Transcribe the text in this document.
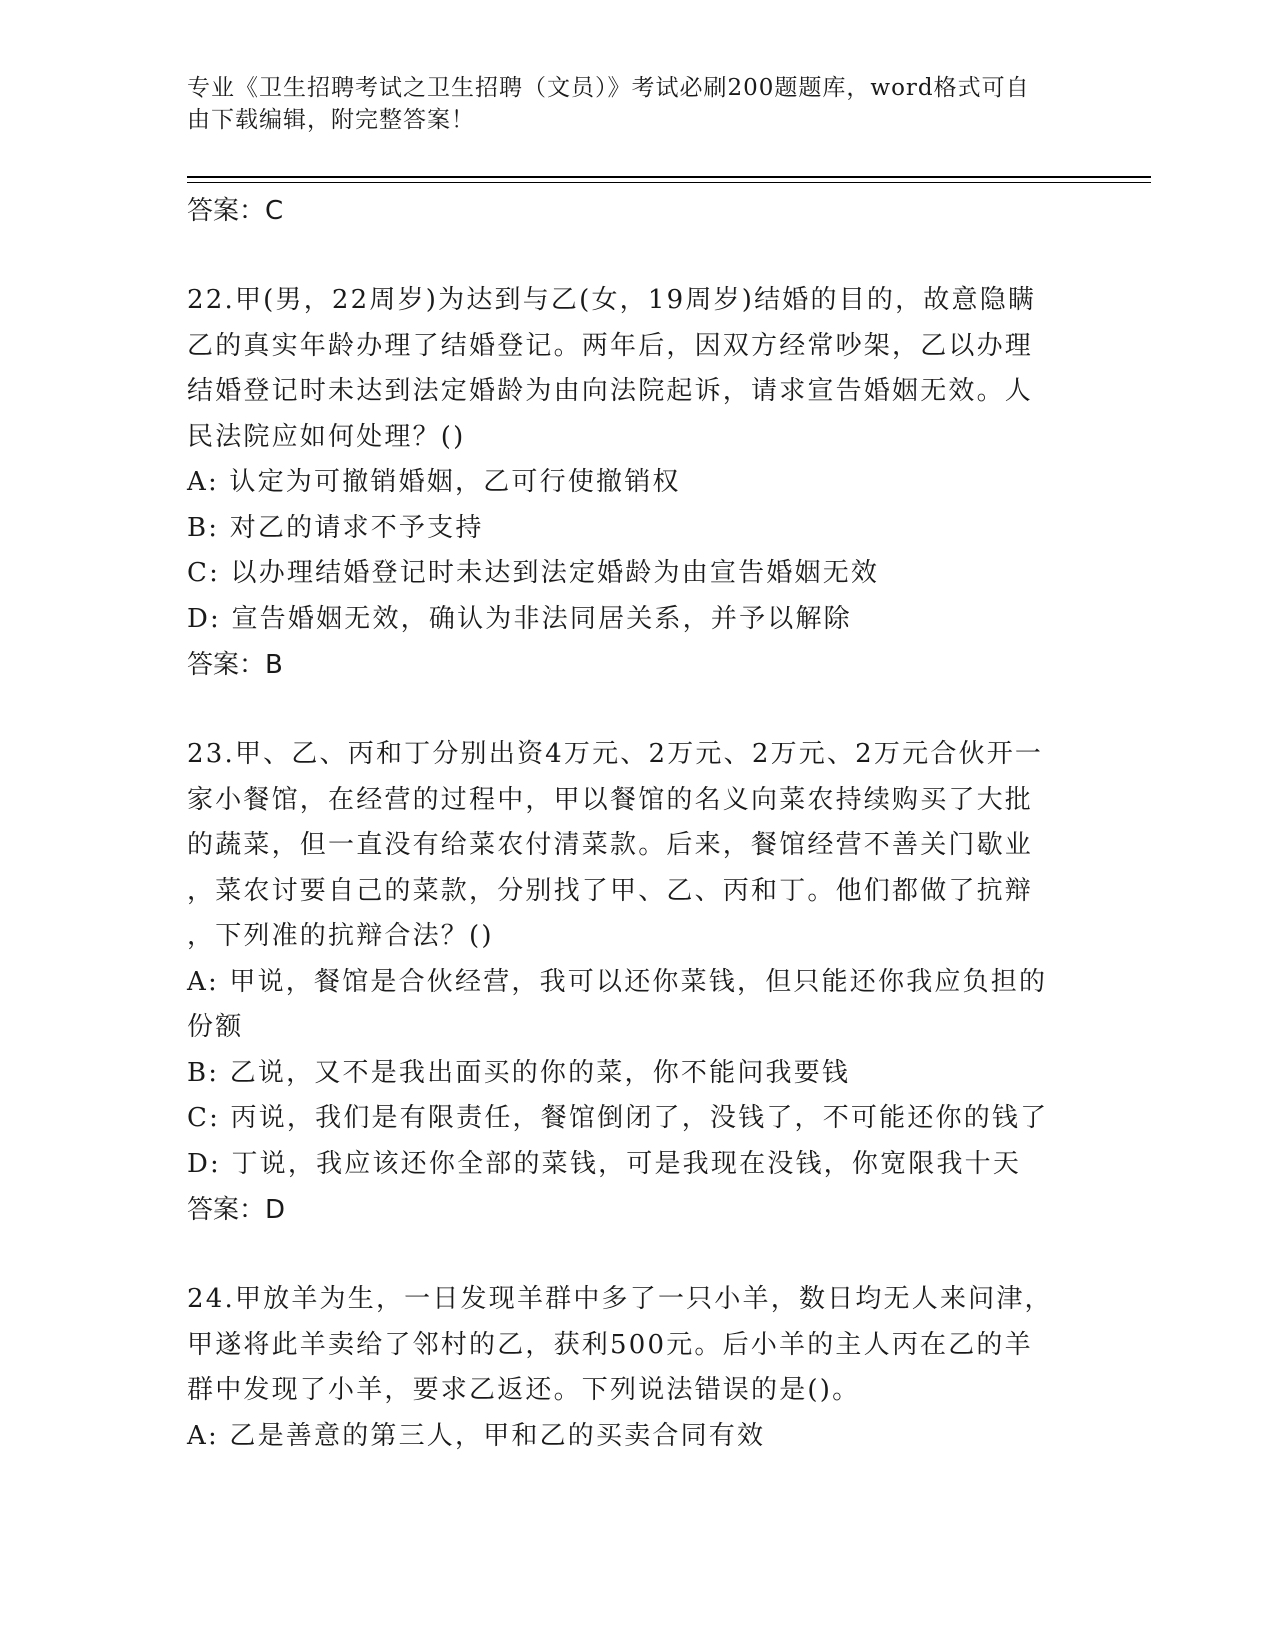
专业《卫生招聘考试之卫生招聘（文员）》考试必刷200题题库，word格式可自
由下载编辑，附完整答案！
答案：C
22.甲(男，22周岁)为达到与乙(女，19周岁)结婚的目的，故意隐瞒
乙的真实年龄办理了结婚登记。两年后，因双方经常吵架，乙以办理
结婚登记时未达到法定婚龄为由向法院起诉，请求宣告婚姻无效。人
民法院应如何处理？()
A: 认定为可撤销婚姻，乙可行使撤销权
B: 对乙的请求不予支持
C: 以办理结婚登记时未达到法定婚龄为由宣告婚姻无效
D: 宣告婚姻无效，确认为非法同居关系，并予以解除
答案：B
23.甲、乙、丙和丁分别出资4万元、2万元、2万元、2万元合伙开一
家小餐馆，在经营的过程中，甲以餐馆的名义向菜农持续购买了大批
的蔬菜，但一直没有给菜农付清菜款。后来，餐馆经营不善关门歇业
，菜农讨要自己的菜款，分别找了甲、乙、丙和丁。他们都做了抗辩
，下列准的抗辩合法？()
A: 甲说，餐馆是合伙经营，我可以还你菜钱，但只能还你我应负担的
份额
B: 乙说，又不是我出面买的你的菜，你不能问我要钱
C: 丙说，我们是有限责任，餐馆倒闭了，没钱了，不可能还你的钱了
D: 丁说，我应该还你全部的菜钱，可是我现在没钱，你宽限我十天
答案：D
24.甲放羊为生，一日发现羊群中多了一只小羊，数日均无人来问津，
甲遂将此羊卖给了邻村的乙，获利500元。后小羊的主人丙在乙的羊
群中发现了小羊，要求乙返还。下列说法错误的是()。
A: 乙是善意的第三人，甲和乙的买卖合同有效
